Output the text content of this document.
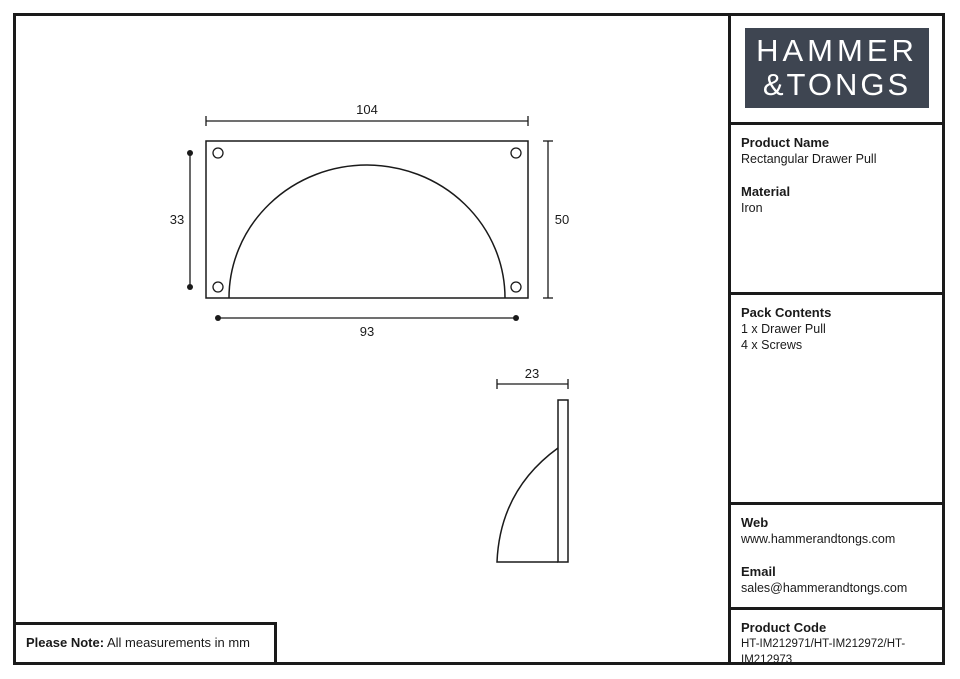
104
33	50
93
23
HAMMER
&TONGS
Product Name
Rectangular Drawer Pull
Material
Iron
Pack Contents
1 x Drawer Pull
4 x Screws
Web
www.hammerandtongs.com
Email
sales@hammerandtongs.com
Product Code
HT-IM212971/HT-IM212972/HT-IM212973
Please Note: All measurements in mm
